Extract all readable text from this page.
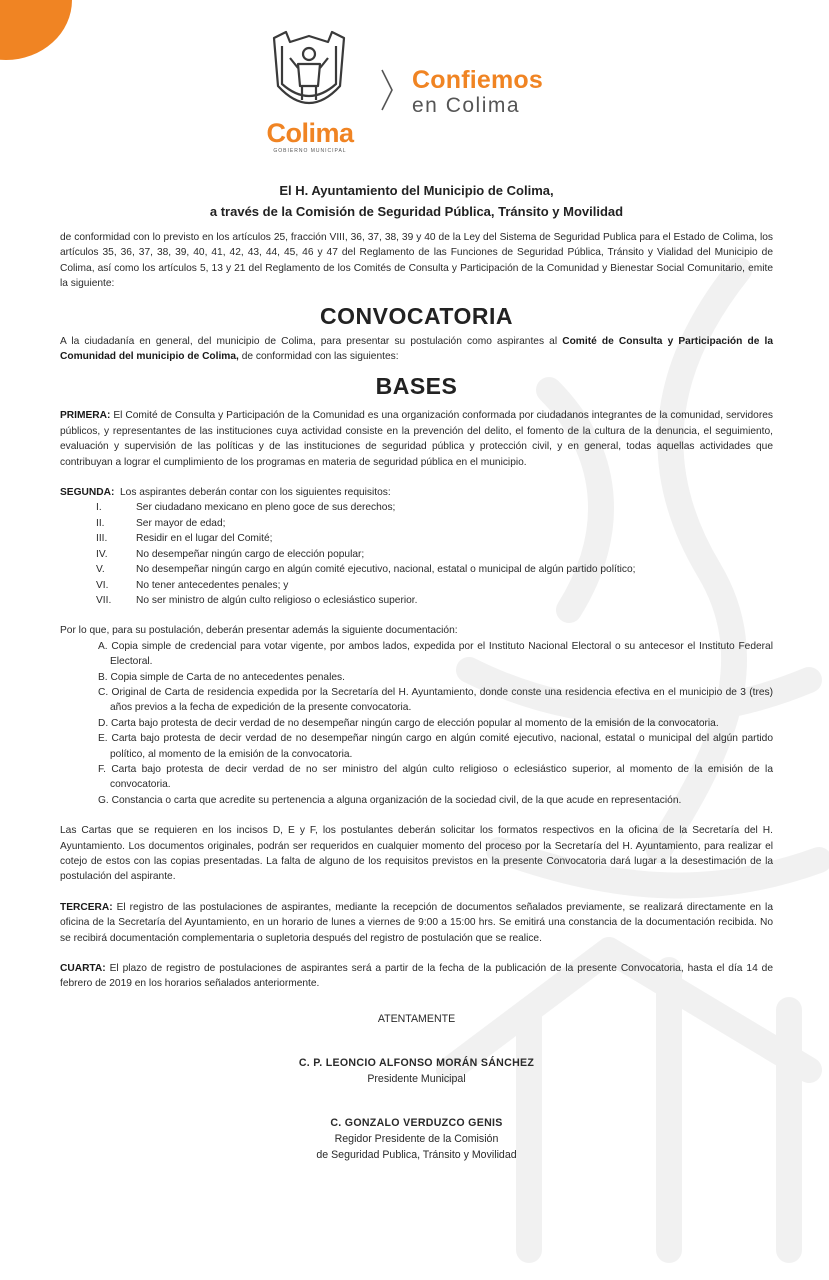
Colima
GOBIERNO MUNICIPAL
Confiemos
en Colima
El H. Ayuntamiento del Municipio de Colima,
a través de la Comisión de Seguridad Pública, Tránsito y Movilidad

de conformidad con lo previsto en los artículos 25, fracción VIII, 36, 37, 38, 39 y 40 de la Ley del Sistema de Seguridad Publica para el Estado de Colima, los artículos 35, 36, 37, 38, 39, 40, 41, 42, 43, 44, 45, 46 y 47 del Reglamento de las Funciones de Seguridad Pública, Tránsito y Vialidad del Municipio de Colima, así como los artículos 5, 13 y 21 del Reglamento de los Comités de Consulta y Participación de la Comunidad y Bienestar Social Comunitario, emite la siguiente:

CONVOCATORIA

A la ciudadanía en general, del municipio de Colima, para presentar su postulación como aspirantes al Comité de Consulta y Participación de la Comunidad del municipio de Colima, de conformidad con las siguientes:

BASES

PRIMERA: El Comité de Consulta y Participación de la Comunidad es una organización conformada por ciudadanos integrantes de la comunidad, servidores públicos, y representantes de las instituciones cuya actividad consiste en la prevención del delito, el fomento de la cultura de la denuncia, el seguimiento, evaluación y supervisión de las políticas y de las instituciones de seguridad pública y protección civil, y en general, todas aquellas actividades que contribuyan a lograr el cumplimiento de los programas en materia de seguridad pública en el municipio.

SEGUNDA:  Los aspirantes deberán contar con los siguientes requisitos:

I.	Ser ciudadano mexicano en pleno goce de sus derechos;
II.	Ser mayor de edad;
III.	Residir en el lugar del Comité;
IV.	No desempeñar ningún cargo de elección popular;
V.	No desempeñar ningún cargo en algún comité ejecutivo, nacional, estatal o municipal de algún partido político;
VI.	No tener antecedentes penales; y
VII.	No ser ministro de algún culto religioso o eclesiástico superior.

Por lo que, para su postulación, deberán presentar además la siguiente documentación:

A. Copia simple de credencial para votar vigente, por ambos lados, expedida por el Instituto Nacional Electoral o su antecesor el Instituto Federal Electoral.
B. Copia simple de Carta de no antecedentes penales.
C. Original de Carta de residencia expedida por la Secretaría del H. Ayuntamiento, donde conste una residencia efectiva en el municipio de 3 (tres) años previos a la fecha de expedición de la presente convocatoria.
D. Carta bajo protesta de decir verdad de no desempeñar ningún cargo de elección popular al momento de la emisión de la convocatoria.
E. Carta bajo protesta de decir verdad de no desempeñar ningún cargo en algún comité ejecutivo, nacional, estatal o municipal del algún partido político, al momento de la emisión de la convocatoria.
F. Carta bajo protesta de decir verdad de no ser ministro del algún culto religioso o eclesiástico superior, al momento de la emisión de la convocatoria.
G. Constancia o carta que acredite su pertenencia a alguna organización de la sociedad civil, de la que acude en representación.

Las Cartas que se requieren en los incisos D, E y F, los postulantes deberán solicitar los formatos respectivos en la oficina de la Secretaría del H. Ayuntamiento. Los documentos originales, podrán ser requeridos en cualquier momento del proceso por la Secretaría del H. Ayuntamiento, para realizar el cotejo de estos con las copias presentadas. La falta de alguno de los requisitos previstos en la presente Convocatoria dará lugar a la desestimación de la postulación del aspirante.

TERCERA: El registro de las postulaciones de aspirantes, mediante la recepción de documentos señalados previamente, se realizará directamente en la oficina de la Secretaría del Ayuntamiento, en un horario de lunes a viernes de 9:00 a 15:00 hrs. Se emitirá una constancia de la documentación recibida. No se recibirá documentación complementaria o supletoria después del registro de postulación que se realice.

CUARTA: El plazo de registro de postulaciones de aspirantes será a partir de la fecha de la publicación de la presente Convocatoria, hasta el día 14 de febrero de 2019 en los horarios señalados anteriormente.

ATENTAMENTE
C. P. LEONCIO ALFONSO MORÁN SÁNCHEZ
Presidente Municipal
C. GONZALO VERDUZCO GENIS
Regidor Presidente de la Comisión
de Seguridad Publica, Tránsito y Movilidad
